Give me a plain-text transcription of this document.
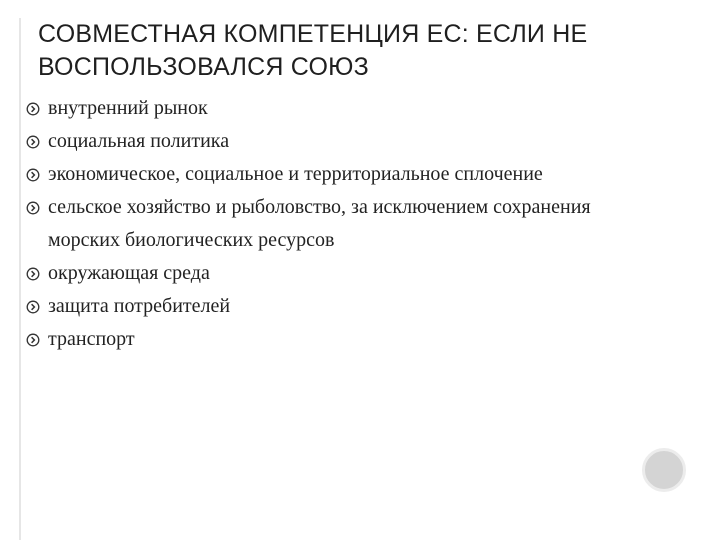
СОВМЕСТНАЯ КОМПЕТЕНЦИЯ ЕС: ЕСЛИ НЕ
ВОСПОЛЬЗОВАЛСЯ СОЮЗ
внутренний рынок
социальная политика
экономическое, социальное и территориальное сплочение
сельское хозяйство и рыболовство, за исключением сохранения
морских биологических ресурсов
окружающая среда
защита потребителей
транспорт
